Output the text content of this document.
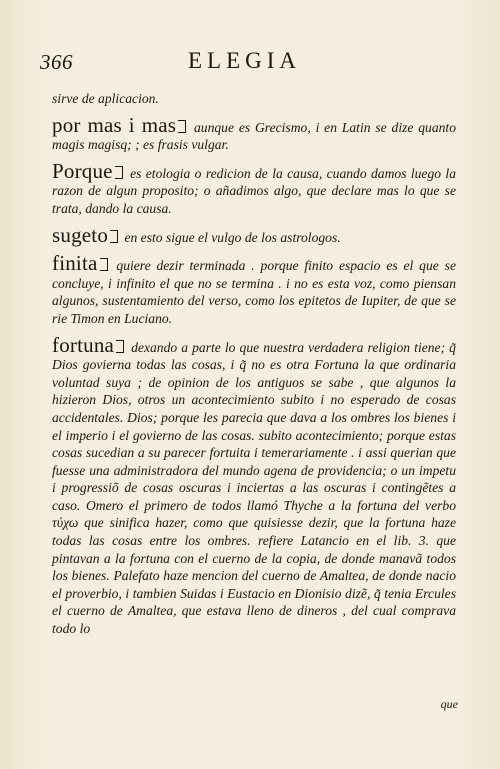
366	ELEGIA

sirve de aplicacion.

por mas i mas aunque es Grecismo, i en Latin se dize quanto magis magisq; ; es frasis vulgar.

Porque es etologia o redicion de la causa, cuando damos luego la razon de algun proposito; o añadimos algo, que declare mas lo que se trata, dando la causa.

sugeto en esto sigue el vulgo de los astrologos.

finita quiere dezir terminada . porque finito espacio es el que se concluye, i infinito el que no se termina . i no es esta voz, como piensan algunos, sustentamiento del verso, como los epitetos de Iupiter, de que se rie Timon en Luciano.

fortuna dexando a parte lo que nuestra verdadera religion tiene; q̃ Dios govierna todas las cosas, i q̃ no es otra Fortuna la que ordinaria voluntad suya ; de opinion de los antiguos se sabe , que algunos la hizieron Dios, otros un acontecimiento subito i no esperado de cosas accidentales. Dios; porque les parecia que dava a los ombres los bienes i el imperio i el govierno de las cosas. subito acontecimiento; porque estas cosas sucedian a su parecer fortuita i temerariamente . i assi querian que fuesse una administradora del mundo agena de providencia; o un impetu i progressiõ de cosas oscuras i inciertas a las oscuras i contingẽtes a caso. Omero el primero de todos llamó Thyche a la fortuna del verbo τύχω que sinifica hazer, como que quisiesse dezir, que la fortuna haze todas las cosas entre los ombres. refiere Latancio en el lib. 3. que pintavan a la fortuna con el cuerno de la copia, de donde manavã todos los bienes. Palefato haze mencion del cuerno de Amaltea, de donde nacio el proverbio, i tambien Suidas i Eustacio en Dionisio dizẽ, q̃ tenia Ercules el cuerno de Amaltea, que estava lleno de dineros , del cual comprava todo lo

que
